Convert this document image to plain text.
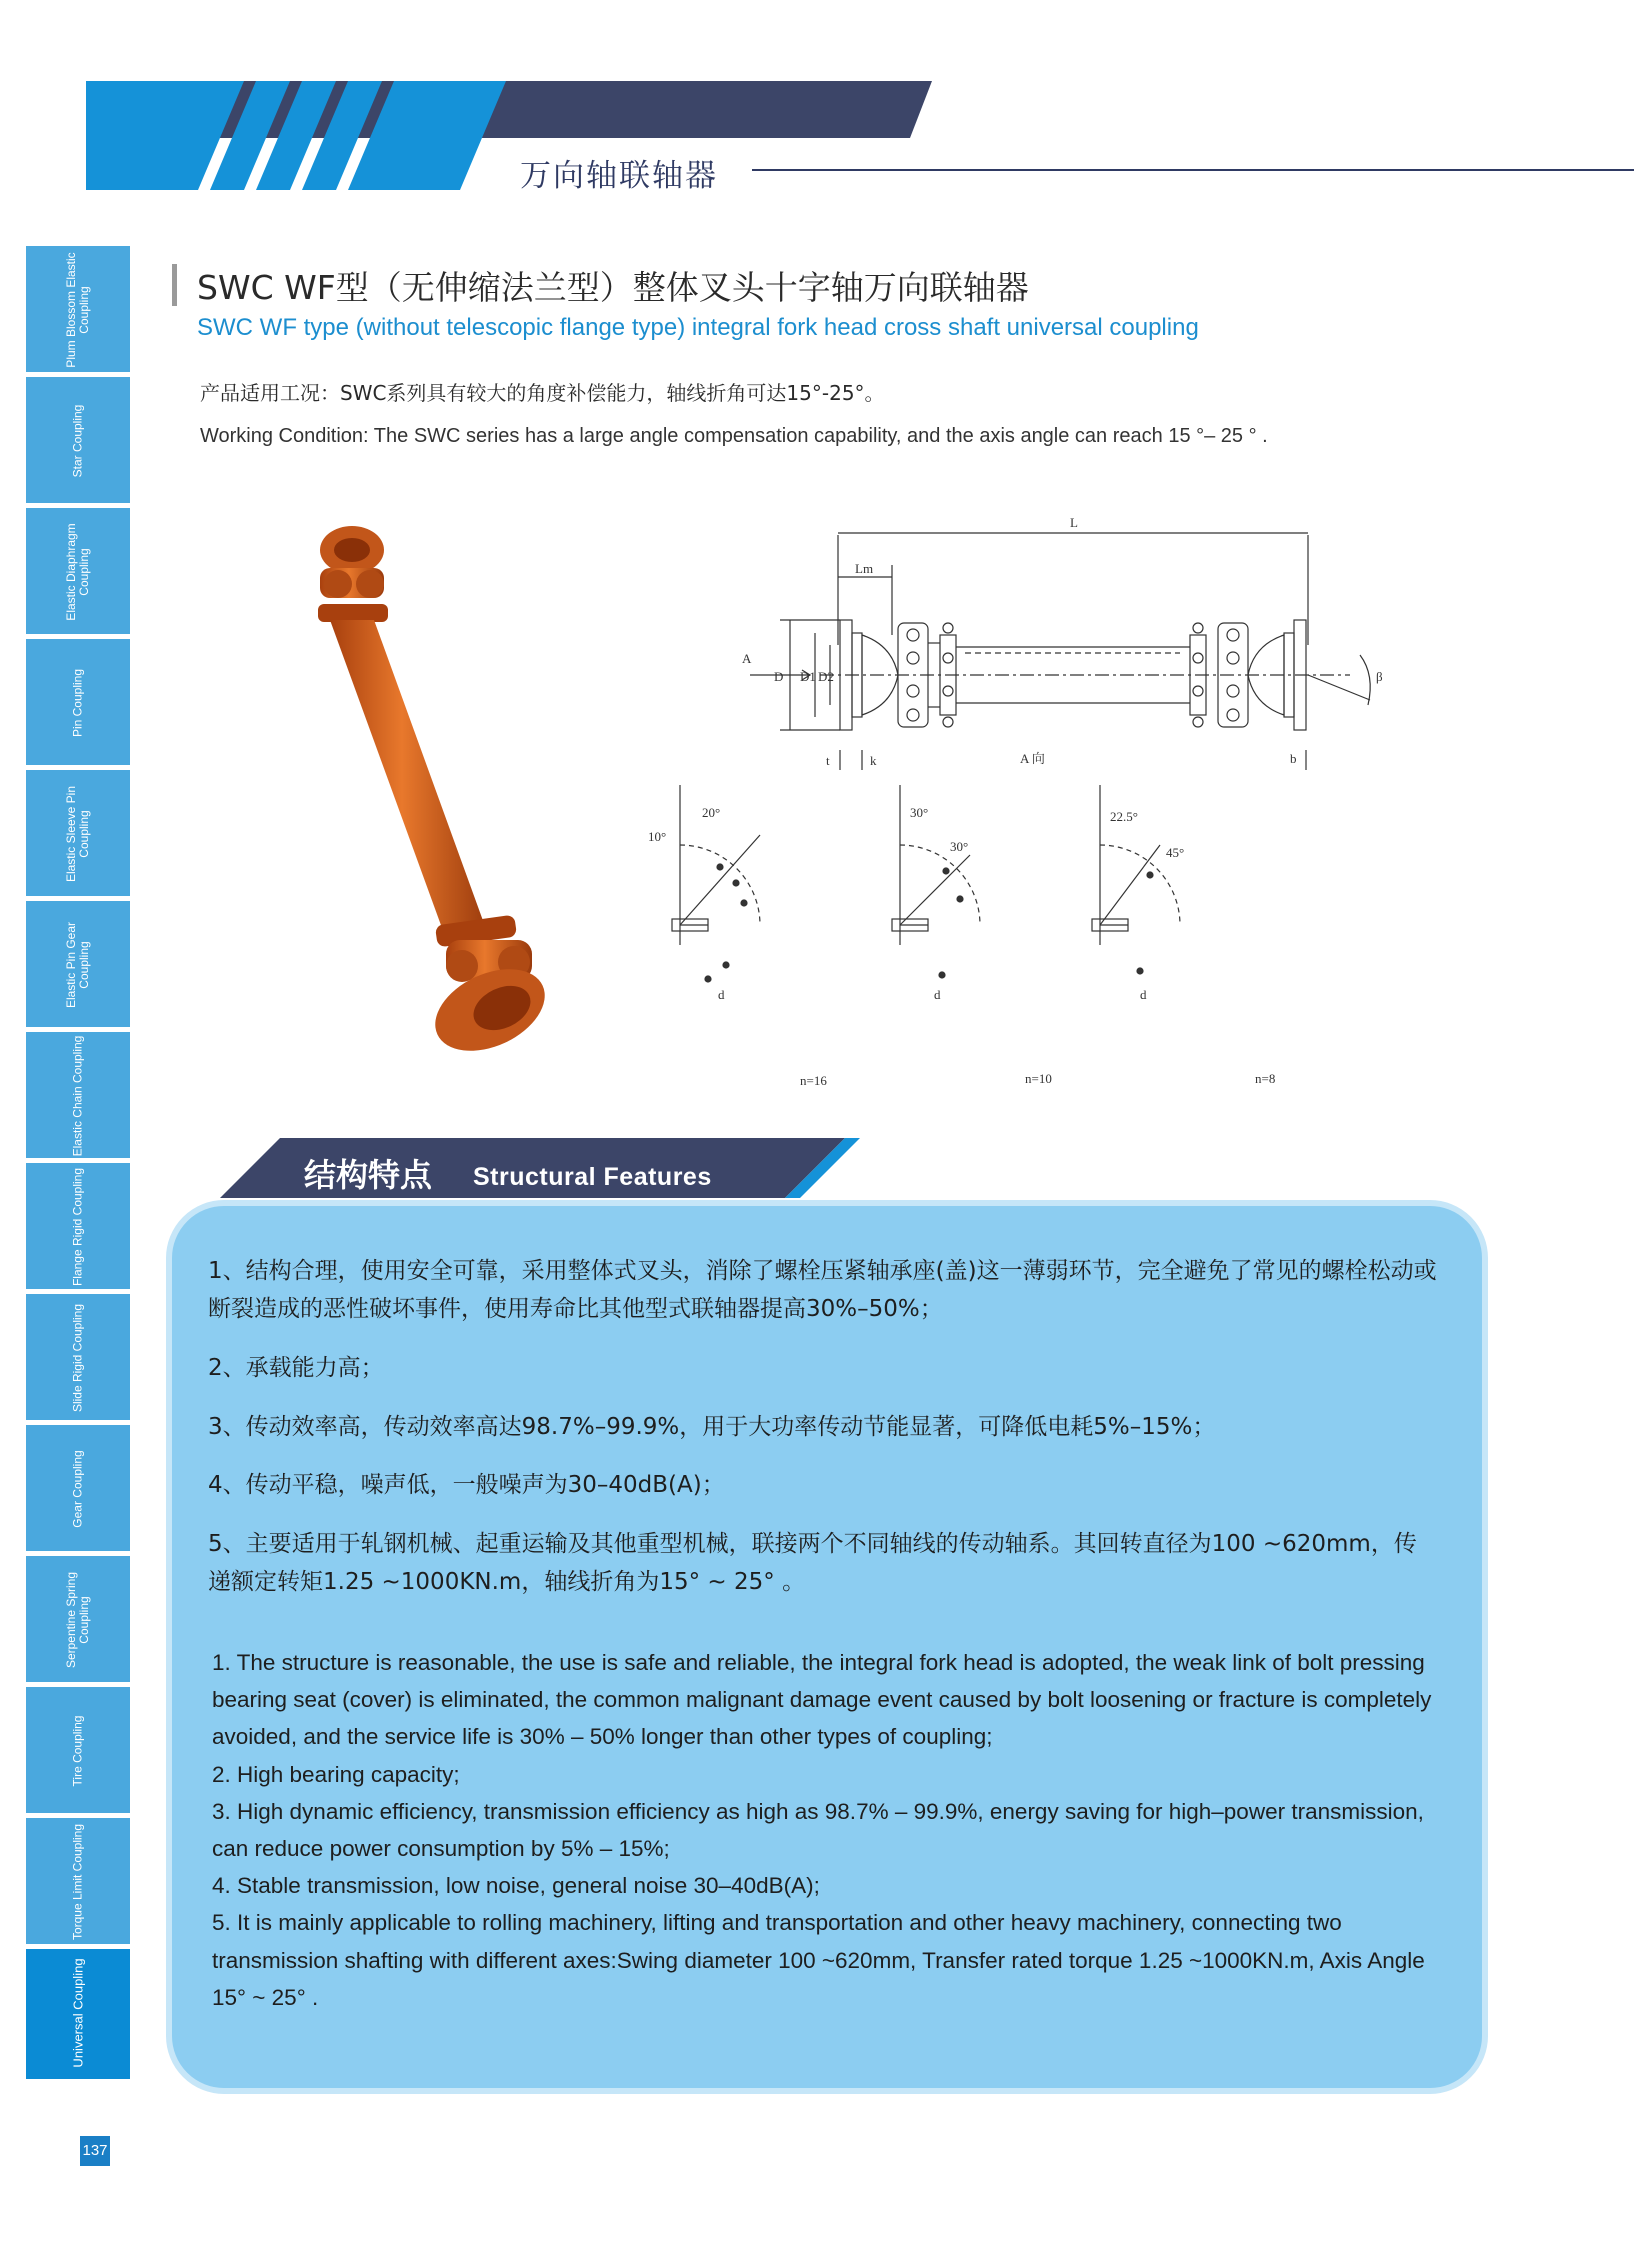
万向轴联轴器
Plum Blossom Elastic Coupling
Star Coupling
Elastic Diaphragm Coupling
Pin Coupling
Elastic Sleeve Pin Coupling
Elastic Pin Gear Coupling
Elastic Chain Coupling
Flange Rigid Coupling
Slide Rigid Coupling
Gear Coupling
Serpentine Spring Coupling
Tire Coupling
Torque Limit Coupling
Universal Coupling
SWC WF型（无伸缩法兰型）整体叉头十字轴万向联轴器
SWC WF type (without telescopic flange type) integral fork head cross shaft universal coupling
产品适用工况：SWC系列具有较大的角度补偿能力，轴线折角可达15°-25°。
Working Condition: The SWC series has a large angle compensation capability, and the axis angle can reach 15 °– 25 ° .
L
Lm
A
D D1 D2	β
t	k	A 向	b
10°
20°	30°
30°
22.5°
45°
d	d	d
n=16	n=10	n=8
结构特点 Structural Features
1、结构合理，使用安全可靠，采用整体式叉头，消除了螺栓压紧轴承座(盖)这一薄弱环节，完全避免了常见的螺栓松动或断裂造成的恶性破坏事件，使用寿命比其他型式联轴器提高30%–50%；
2、承载能力高；
3、传动效率高，传动效率高达98.7%–99.9%，用于大功率传动节能显著，可降低电耗5%–15%；
4、传动平稳，噪声低，一般噪声为30–40dB(A)；
5、主要适用于轧钢机械、起重运输及其他重型机械，联接两个不同轴线的传动轴系。其回转直径为100 ~620mm，传递额定转矩1.25 ~1000KN.m，轴线折角为15° ~ 25° 。

1. The structure is reasonable, the use is safe and reliable, the integral fork head is adopted, the weak link of bolt pressing bearing seat (cover) is eliminated, the common malignant damage event caused by bolt loosening or fracture is completely avoided, and the service life is 30% – 50% longer than other types of coupling;

2. High bearing capacity;

3. High dynamic efficiency, transmission efficiency as high as 98.7% – 99.9%, energy saving for high–power transmission, can reduce power consumption by 5% – 15%;

4. Stable transmission, low noise, general noise 30–40dB(A);

5. It is mainly applicable to rolling machinery, lifting and transportation and other heavy machinery, connecting two transmission shafting with different axes:Swing diameter 100 ~620mm, Transfer rated torque 1.25 ~1000KN.m, Axis Angle 15° ~ 25° .

137
